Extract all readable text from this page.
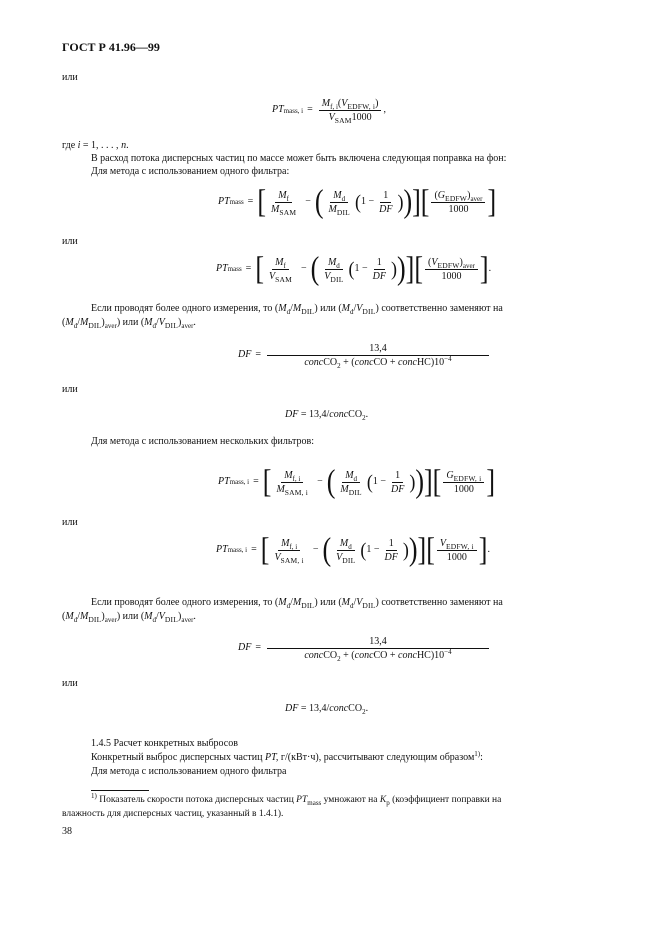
ГОСТ Р 41.96—99
или
PT mass, $i = \frac{M_{f, i}(V_{EDFW, i})}{V_{SAM}1000}$ ,
где i = 1, . . . , n.
В расход потока дисперсных частиц по массе может быть включена следующая поправка на фон:
Для метода с использованием одного фильтра:
PT mass = [ $\frac{M_f}{M_{SAM}}$ − ( $\frac{M_d}{M_{DIL}}$ ( $1 - \frac{1}{DF}$ ) ) ] [ $\frac{(G_{EDFW})_{aver}}{1000}$ ]
или
PT mass = [ $\frac{M_f}{V_{SAM}}$ − ( $\frac{M_d}{V_{DIL}}$ ( $1 - \frac{1}{DF}$ ) ) ] [ $\frac{(V_{EDFW})_{aver}}{1000}$ ] .
Если проводят более одного измерения, то $(M_d/M_{DIL})$ или $(M_d/V_{DIL})$ соответственно заменяют на
$(M_d/M_{DIL})_{aver}$) или $(M_d/V_{DIL})_{aver}$.
DF = $\frac{13,4}{concCO_2 + (concCO + concHC)10^{-4}}$
или
DF = 13,4/concCO$_2$.
Для метода с использованием нескольких фильтров:
PT mass, i = [ $\frac{M_{f, i}}{M_{SAM, i}}$ − ( $\frac{M_d}{M_{DIL}}$ ( $1 - \frac{1}{DF}$ ) ) ] [ $\frac{G_{EDFW, i}}{1000}$ ]
или
PT mass, i = [ $\frac{M_{f, i}}{V_{SAM, i}}$ − ( $\frac{M_d}{V_{DIL}}$ ( $1 - \frac{1}{DF}$ ) ) ] [ $\frac{V_{EDFW, i}}{1000}$ ] .
Если проводят более одного измерения, то $(M_d/M_{DIL})$ или $(M_d/V_{DIL})$ соответственно заменяют на
$(M_d/M_{DIL})_{aver}$) или $(M_d/V_{DIL})_{aver}$.
DF = $\frac{13,4}{concCO_2 + (concCO + concHC)10^{-4}}$
или
DF = 13,4/concCO$_2$.
1.4.5 Расчет конкретных выбросов
Конкретный выброс дисперсных частиц PT, г/(кВт·ч), рассчитывают следующим образом$^{1)}$:
Для метода с использованием одного фильтра
$^{1)}$ Показатель скорости потока дисперсных частиц $PT_{mass}$ умножают на $K_p$ (коэффициент поправки на
влажность для дисперсных частиц, указанный в 1.4.1).
38
